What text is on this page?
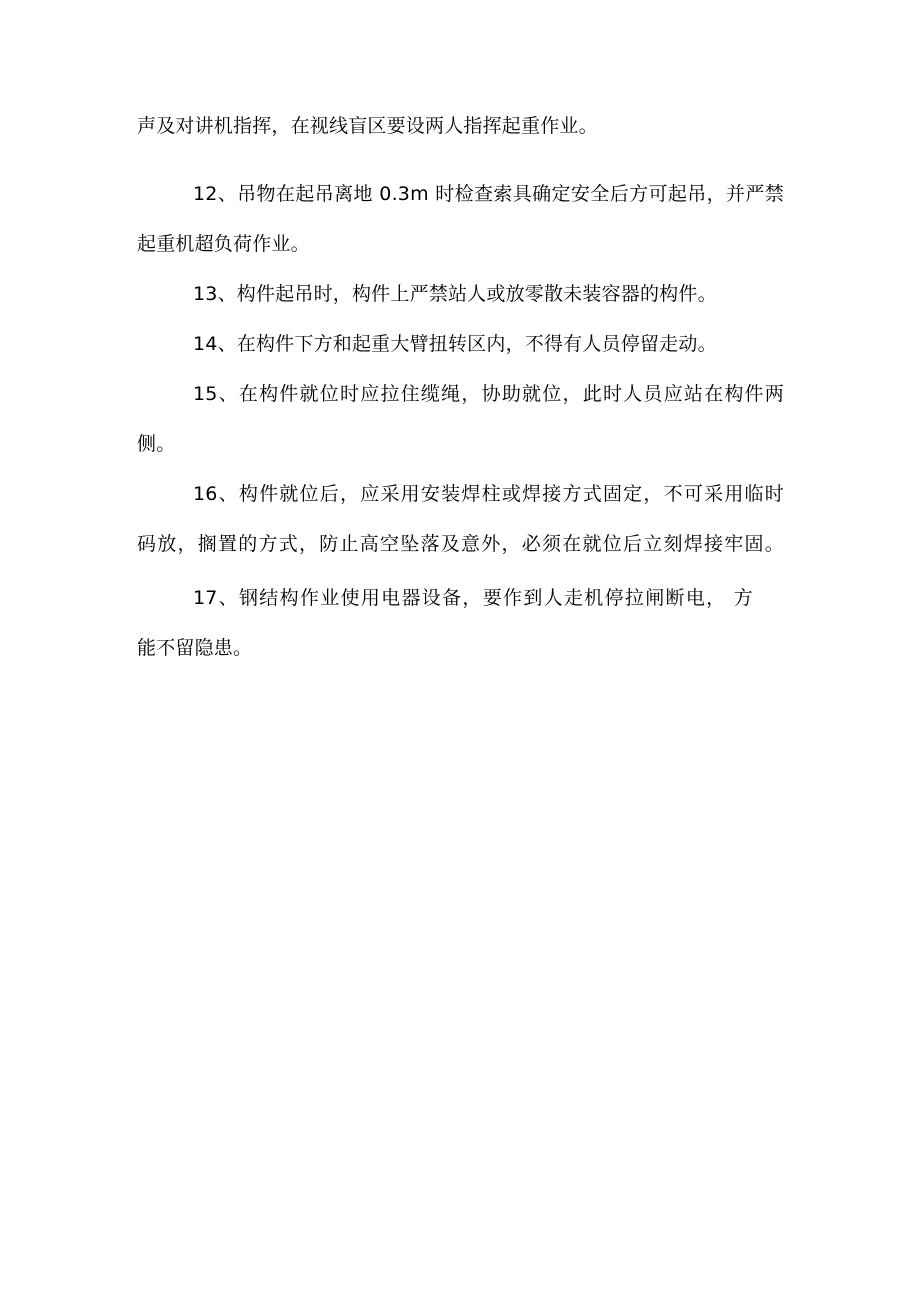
声及对讲机指挥，在视线盲区要设两人指挥起重作业。

12、吊物在起吊离地 0.3m 时检查索具确定安全后方可起吊，并严禁

起重机超负荷作业。

13、构件起吊时，构件上严禁站人或放零散未装容器的构件。

14、在构件下方和起重大臂扭转区内，不得有人员停留走动。

15、在构件就位时应拉住缆绳，协助就位，此时人员应站在构件两

侧。

16、构件就位后，应采用安装焊柱或焊接方式固定，不可采用临时

码放，搁置的方式，防止高空坠落及意外，必须在就位后立刻焊接牢固。

17、钢结构作业使用电器设备，要作到人走机停拉闸断电， 方

能不留隐患。
